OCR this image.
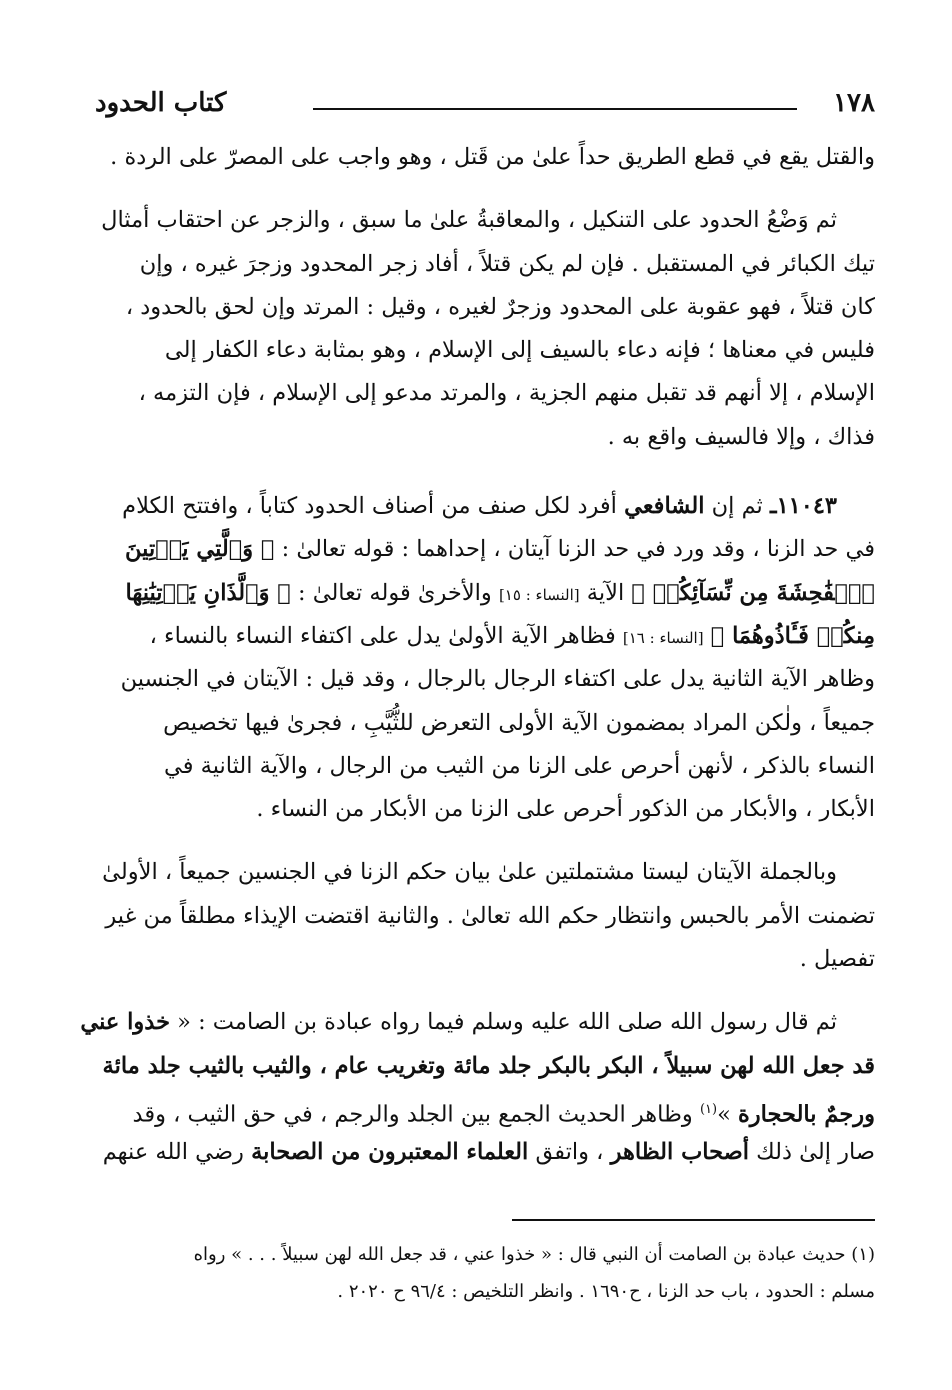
١٧٨
كتاب الحدود
والقتل يقع في قطع الطريق حداً علىٰ من قَتل ، وهو واجب على المصرّ على الردة .
ثم وَضْعُ الحدود على التنكيل ، والمعاقبةُ علىٰ ما سبق ، والزجر عن احتقاب أمثال
تيك الكبائر في المستقبل . فإن لم يكن قتلاً ، أفاد زجر المحدود وزجرَ غيره ، وإن
كان قتلاً ، فهو عقوبة على المحدود وزجرٌ لغيره ، وقيل : المرتد وإن لحق بالحدود ،
فليس في معناها ؛ فإنه دعاء بالسيف إلى الإسلام ، وهو بمثابة دعاء الكفار إلى
الإسلام ، إلا أنهم قد تقبل منهم الجزية ، والمرتد مدعو إلى الإسلام ، فإن التزمه ،
فذاك ، وإلا فالسيف واقع به .
١١٠٤٣ـ ثم إن الشافعي أفرد لكل صنف من أصناف الحدود كتاباً ، وافتتح الكلام
في حد الزنا ، وقد ورد في حد الزنا آيتان ، إحداهما : قوله تعالىٰ : ﴿ وَٱلَّتِي يَأۡتِينَ
ٱلۡفَٰحِشَةَ مِن نِّسَآئِكُمۡ ﴾ الآية [النساء : ١٥] والأخرىٰ قوله تعالىٰ : ﴿ وَٱلَّذَانِ يَأۡتِيَٰنِهَا
مِنكُمۡ فَـَٔاذُوهُمَا ﴾ [النساء : ١٦] فظاهر الآية الأولىٰ يدل على اكتفاء النساء بالنساء ،
وظاهر الآية الثانية يدل على اكتفاء الرجال بالرجال ، وقد قيل : الآيتان في الجنسين
جميعاً ، ولٰكن المراد بمضمون الآية الأولى التعرض للثُّيَّبِ ، فجرىٰ فيها تخصيص
النساء بالذكر ، لأنهن أحرص على الزنا من الثيب من الرجال ، والآية الثانية في
الأبكار ، والأبكار من الذكور أحرص على الزنا من الأبكار من النساء .
وبالجملة الآيتان ليستا مشتملتين علىٰ بيان حكم الزنا في الجنسين جميعاً ، الأولىٰ
تضمنت الأمر بالحبس وانتظار حكم الله تعالىٰ . والثانية اقتضت الإيذاء مطلقاً من غير
تفصيل .
ثم قال رسول الله صلى الله عليه وسلم فيما رواه عبادة بن الصامت : « خذوا عني
قد جعل الله لهن سبيلاً ، البكر بالبكر جلد مائة وتغريب عام ، والثيب بالثيب جلد مائة
ورجمٌ بالحجارة »$^{(١)}$ وظاهر الحديث الجمع بين الجلد والرجم ، في حق الثيب ، وقد
صار إلىٰ ذلك أصحاب الظاهر ، واتفق العلماء المعتبرون من الصحابة رضي الله عنهم
(١) حديث عبادة بن الصامت أن النبي قال : « خذوا عني ، قد جعل الله لهن سبيلاً . . . » رواه
مسلم : الحدود ، باب حد الزنا ، ح١٦٩٠ . وانظر التلخيص : ٩٦/٤ ح ٢٠٢٠ .
